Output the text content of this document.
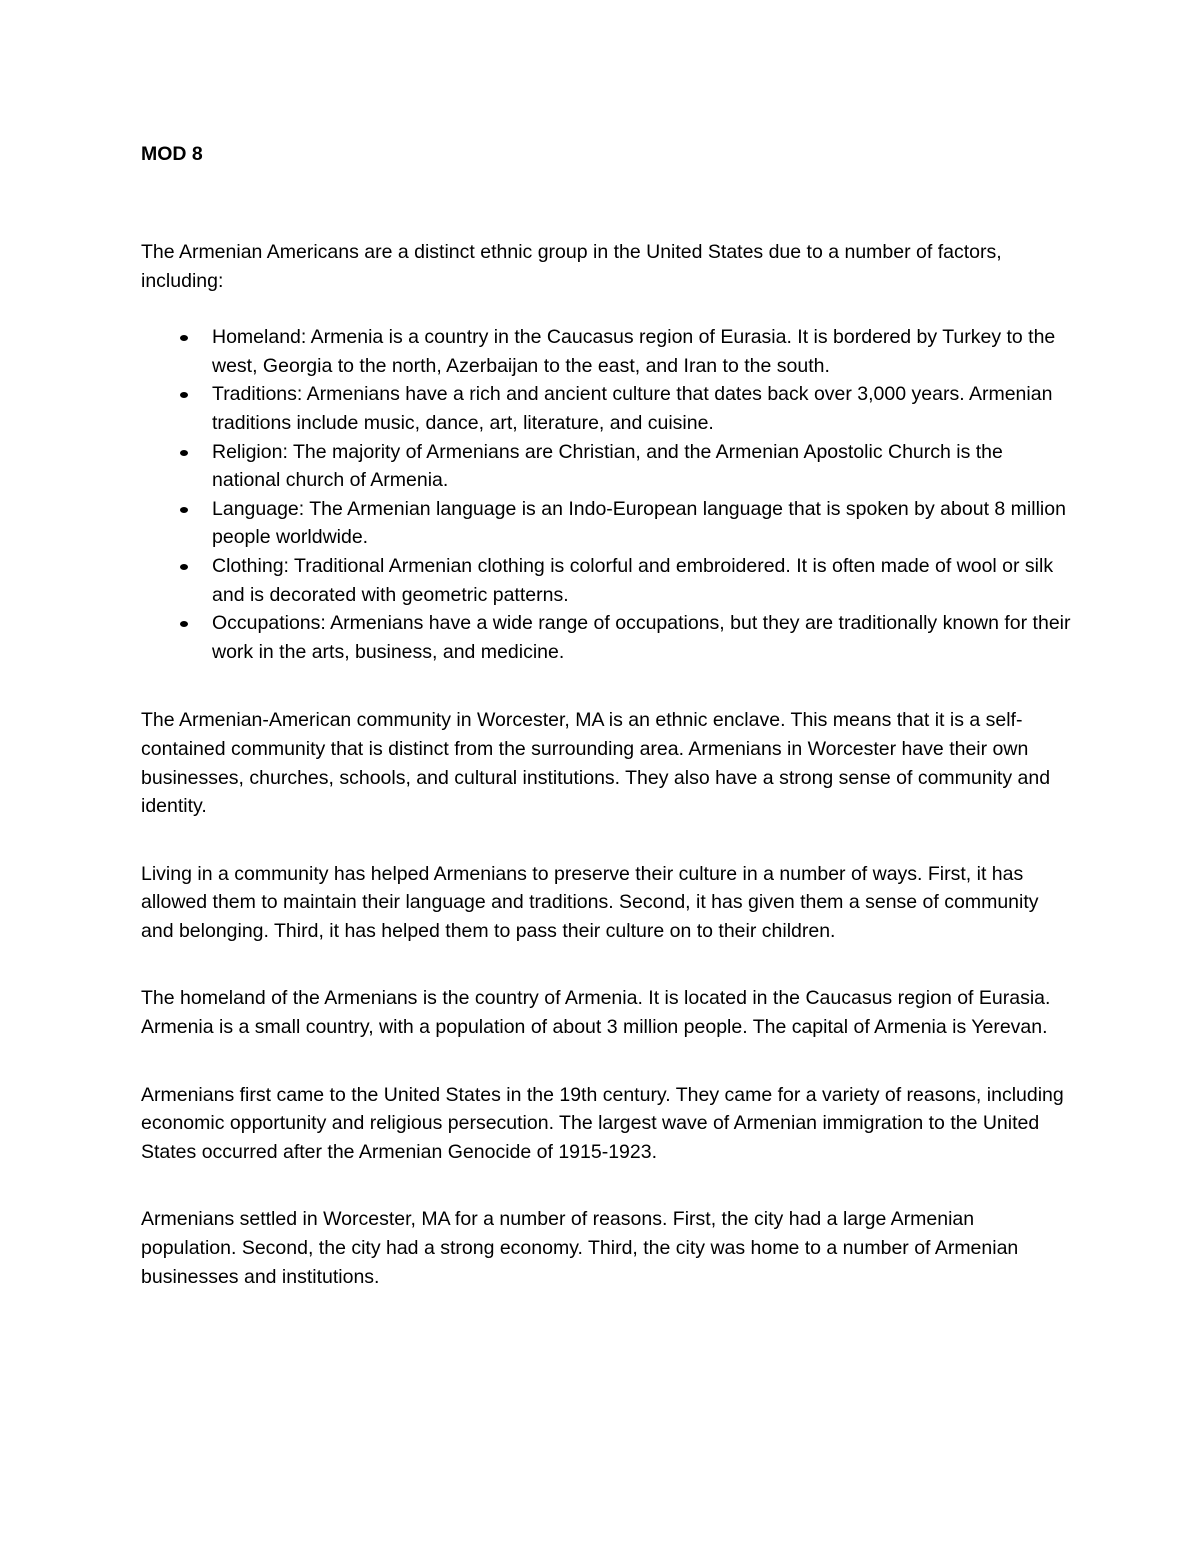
MOD 8

The Armenian Americans are a distinct ethnic group in the United States due to a number of factors, including:

Homeland: Armenia is a country in the Caucasus region of Eurasia. It is bordered by Turkey to the west, Georgia to the north, Azerbaijan to the east, and Iran to the south.
Traditions: Armenians have a rich and ancient culture that dates back over 3,000 years. Armenian traditions include music, dance, art, literature, and cuisine.
Religion: The majority of Armenians are Christian, and the Armenian Apostolic Church is the national church of Armenia.
Language: The Armenian language is an Indo-European language that is spoken by about 8 million people worldwide.
Clothing: Traditional Armenian clothing is colorful and embroidered. It is often made of wool or silk and is decorated with geometric patterns.
Occupations: Armenians have a wide range of occupations, but they are traditionally known for their work in the arts, business, and medicine.

The Armenian-American community in Worcester, MA is an ethnic enclave. This means that it is a self-contained community that is distinct from the surrounding area. Armenians in Worcester have their own businesses, churches, schools, and cultural institutions. They also have a strong sense of community and identity.

Living in a community has helped Armenians to preserve their culture in a number of ways. First, it has allowed them to maintain their language and traditions. Second, it has given them a sense of community and belonging. Third, it has helped them to pass their culture on to their children.

The homeland of the Armenians is the country of Armenia. It is located in the Caucasus region of Eurasia. Armenia is a small country, with a population of about 3 million people. The capital of Armenia is Yerevan.

Armenians first came to the United States in the 19th century. They came for a variety of reasons, including economic opportunity and religious persecution. The largest wave of Armenian immigration to the United States occurred after the Armenian Genocide of 1915-1923.

Armenians settled in Worcester, MA for a number of reasons. First, the city had a large Armenian population. Second, the city had a strong economy. Third, the city was home to a number of Armenian businesses and institutions.
